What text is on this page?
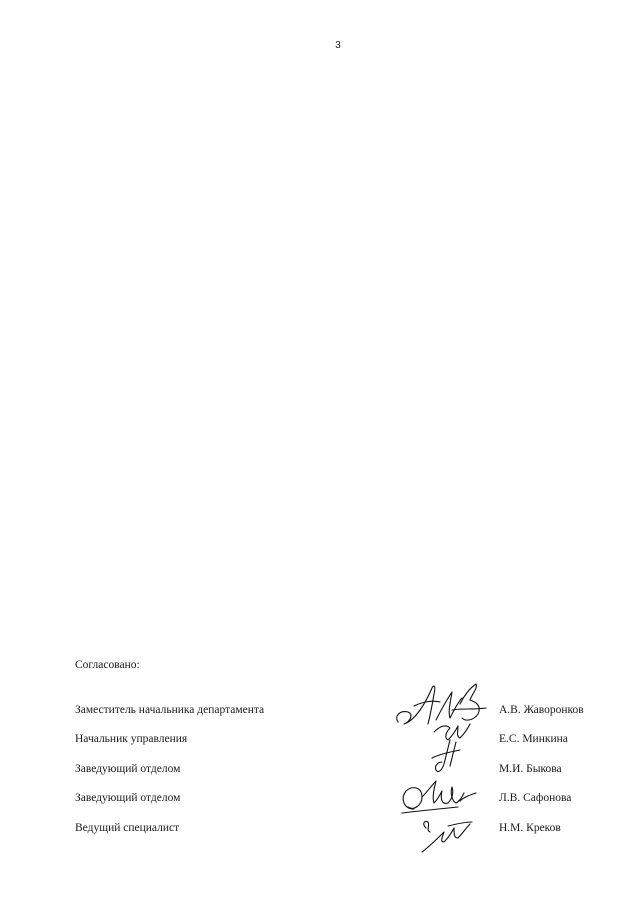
3
Согласовано:
Заместитель начальника департамента	А.В. Жаворонков
Начальник управления	Е.С. Минкина
Заведующий отделом	М.И. Быкова
Заведующий отделом	Л.В. Сафонова
Ведущий специалист	Н.М. Креков
